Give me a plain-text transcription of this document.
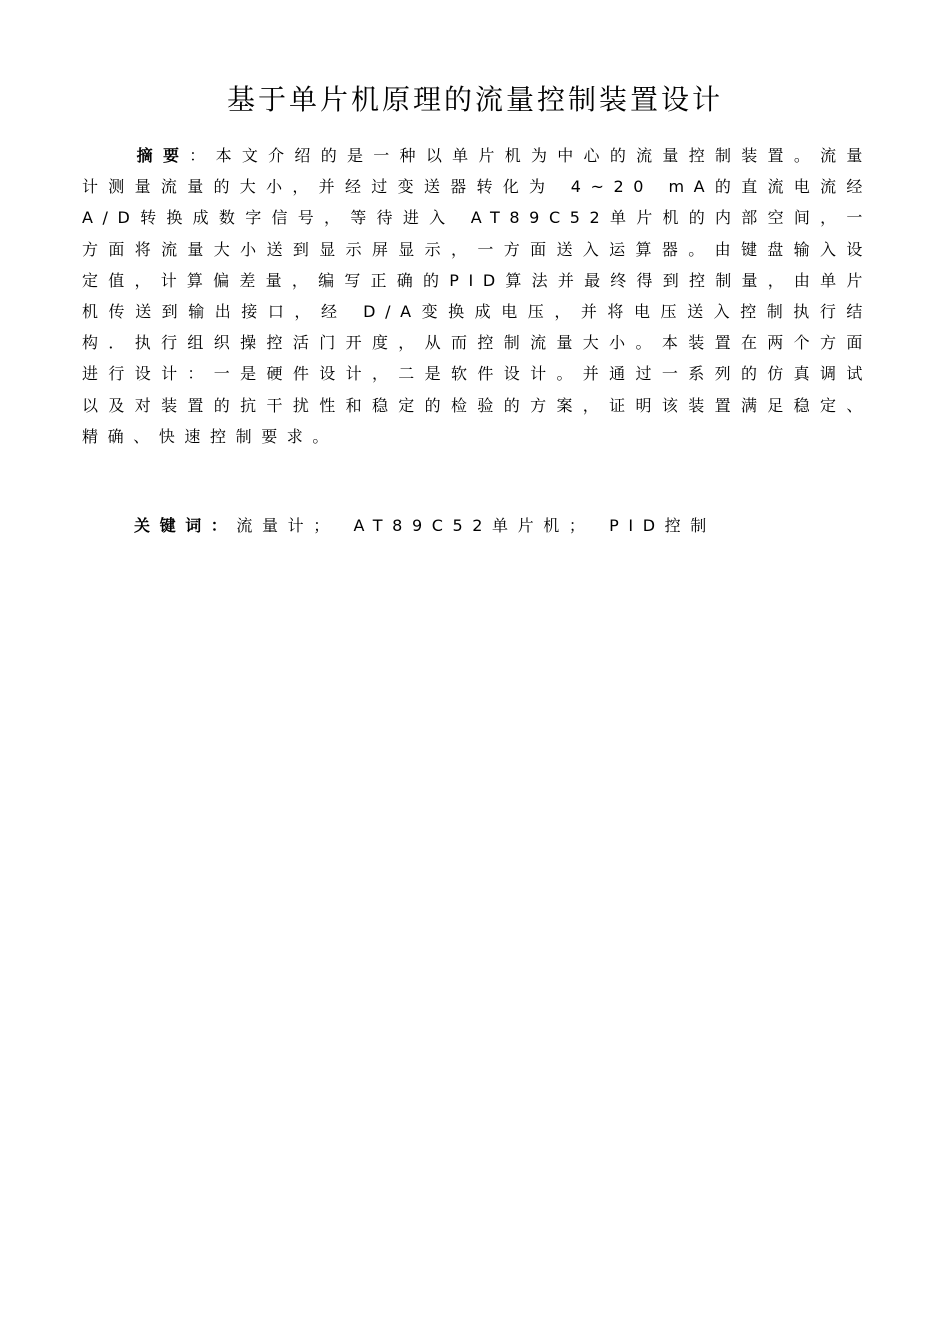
基于单片机原理的流量控制装置设计

摘要：本文介绍的是一种以单片机为中心的流量控制装置。流量计测量流量的大小，并经过变送器转化为 4~20 mA的直流电流经 A/D转换成数字信号，等待进入 AT89C52单片机的内部空间，一方面将流量大小送到显示屏显示，一方面送入运算器。由键盘输入设定值，计算偏差量，编写正确的PID算法并最终得到控制量，由单片机传送到输出接口，经 D/A变换成电压，并将电压送入控制执行结构．执行组织操控活门开度，从而控制流量大小。本装置在两个方面进行设计：一是硬件设计，二是软件设计。并通过一系列的仿真调试以及对装置的抗干扰性和稳定的检验的方案，证明该装置满足稳定、精确、快速控制要求。

关键词：流量计； AT89C52单片机； PID控制
